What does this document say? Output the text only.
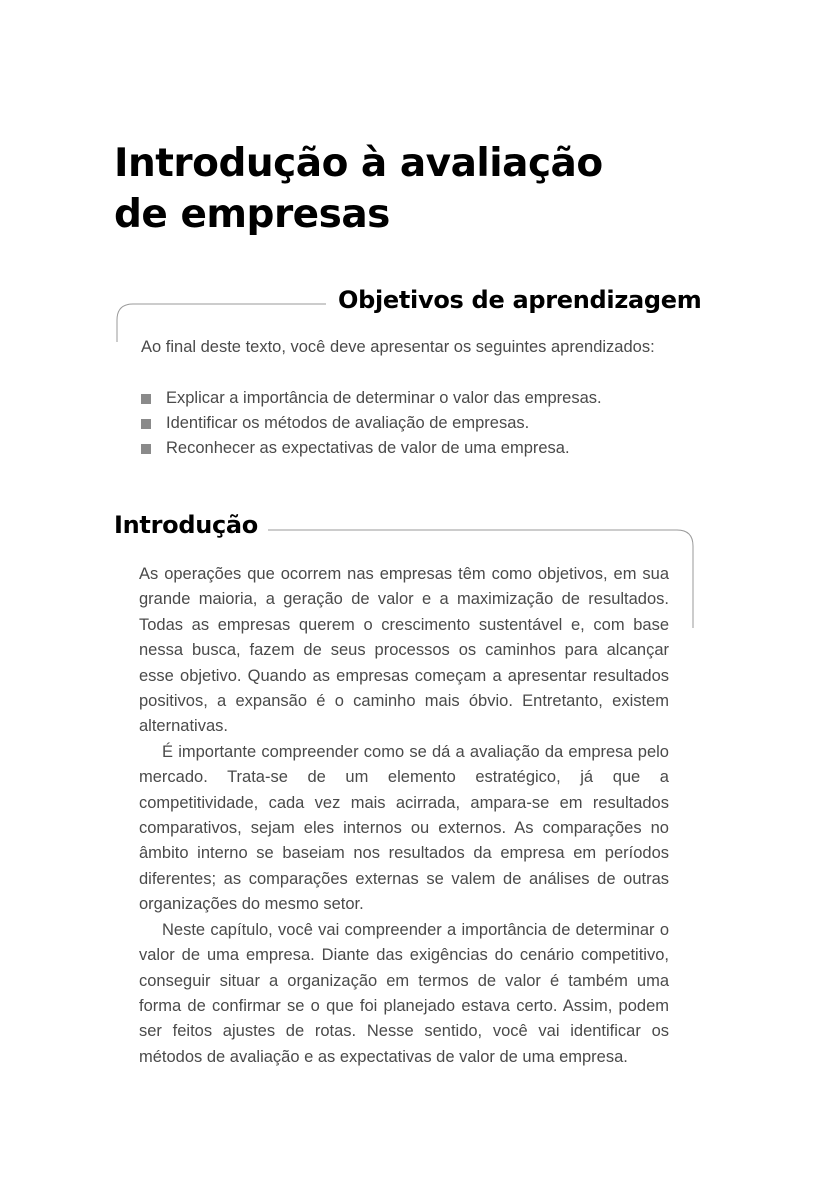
Introdução à avaliação
de empresas
Objetivos de aprendizagem
Ao final deste texto, você deve apresentar os seguintes aprendizados:
Explicar a importância de determinar o valor das empresas.
Identificar os métodos de avaliação de empresas.
Reconhecer as expectativas de valor de uma empresa.
Introdução

As operações que ocorrem nas empresas têm como objetivos, em sua grande maioria, a geração de valor e a maximização de resultados. Todas as empresas querem o crescimento sustentável e, com base nessa busca, fazem de seus processos os caminhos para alcançar esse objetivo. Quando as empresas começam a apresentar resultados positivos, a expansão é o caminho mais óbvio. Entretanto, existem alternativas.

É importante compreender como se dá a avaliação da empresa pelo mercado. Trata-se de um elemento estratégico, já que a competitividade, cada vez mais acirrada, ampara-se em resultados comparativos, sejam eles internos ou externos. As comparações no âmbito interno se baseiam nos resultados da empresa em períodos diferentes; as comparações externas se valem de análises de outras organizações do mesmo setor.

Neste capítulo, você vai compreender a importância de determinar o valor de uma empresa. Diante das exigências do cenário competitivo, conseguir situar a organização em termos de valor é também uma forma de confirmar se o que foi planejado estava certo. Assim, podem ser feitos ajustes de rotas. Nesse sentido, você vai identificar os métodos de avaliação e as expectativas de valor de uma empresa.
